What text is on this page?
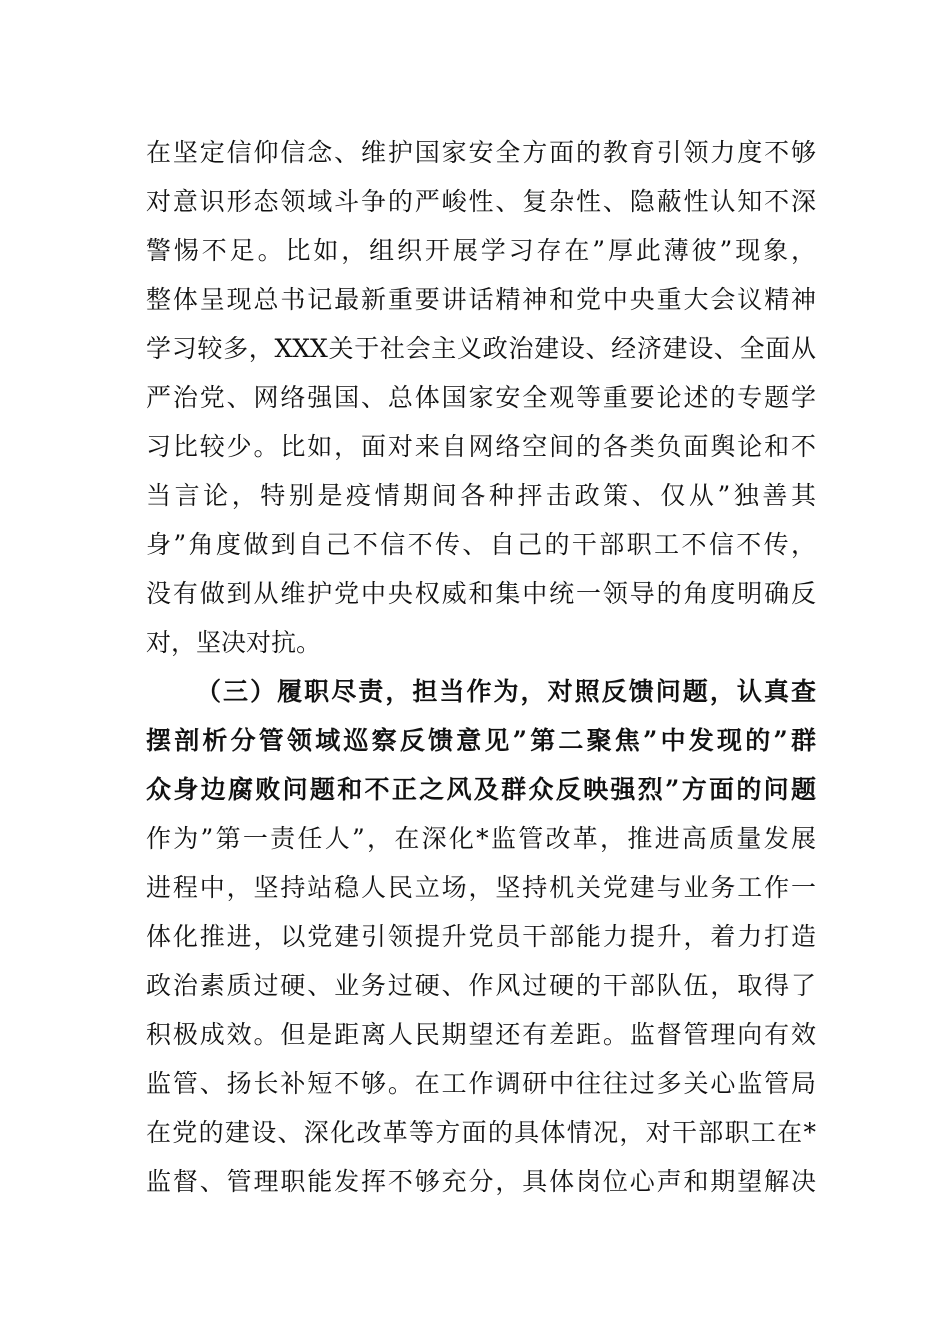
在坚定信仰信念、维护国家安全方面的教育引领力度不够
对意识形态领域斗争的严峻性、复杂性、隐蔽性认知不深
警惕不足。比如，组织开展学习存在”厚此薄彼”现象，
整体呈现总书记最新重要讲话精神和党中央重大会议精神
学习较多，XXX关于社会主义政治建设、经济建设、全面从
严治党、网络强国、总体国家安全观等重要论述的专题学
习比较少。比如，面对来自网络空间的各类负面舆论和不
当言论，特别是疫情期间各种抨击政策、仅从”独善其
身”角度做到自己不信不传、自己的干部职工不信不传，
没有做到从维护党中央权威和集中统一领导的角度明确反
对，坚决对抗。
（三）履职尽责，担当作为，对照反馈问题，认真查
摆剖析分管领域巡察反馈意见”第二聚焦”中发现的”群
众身边腐败问题和不正之风及群众反映强烈”方面的问题
作为”第一责任人”，在深化*监管改革，推进高质量发展
进程中，坚持站稳人民立场，坚持机关党建与业务工作一
体化推进，以党建引领提升党员干部能力提升，着力打造
政治素质过硬、业务过硬、作风过硬的干部队伍，取得了
积极成效。但是距离人民期望还有差距。监督管理向有效
监管、扬长补短不够。在工作调研中往往过多关心监管局
在党的建设、深化改革等方面的具体情况，对干部职工在*
监督、管理职能发挥不够充分，具体岗位心声和期望解决
